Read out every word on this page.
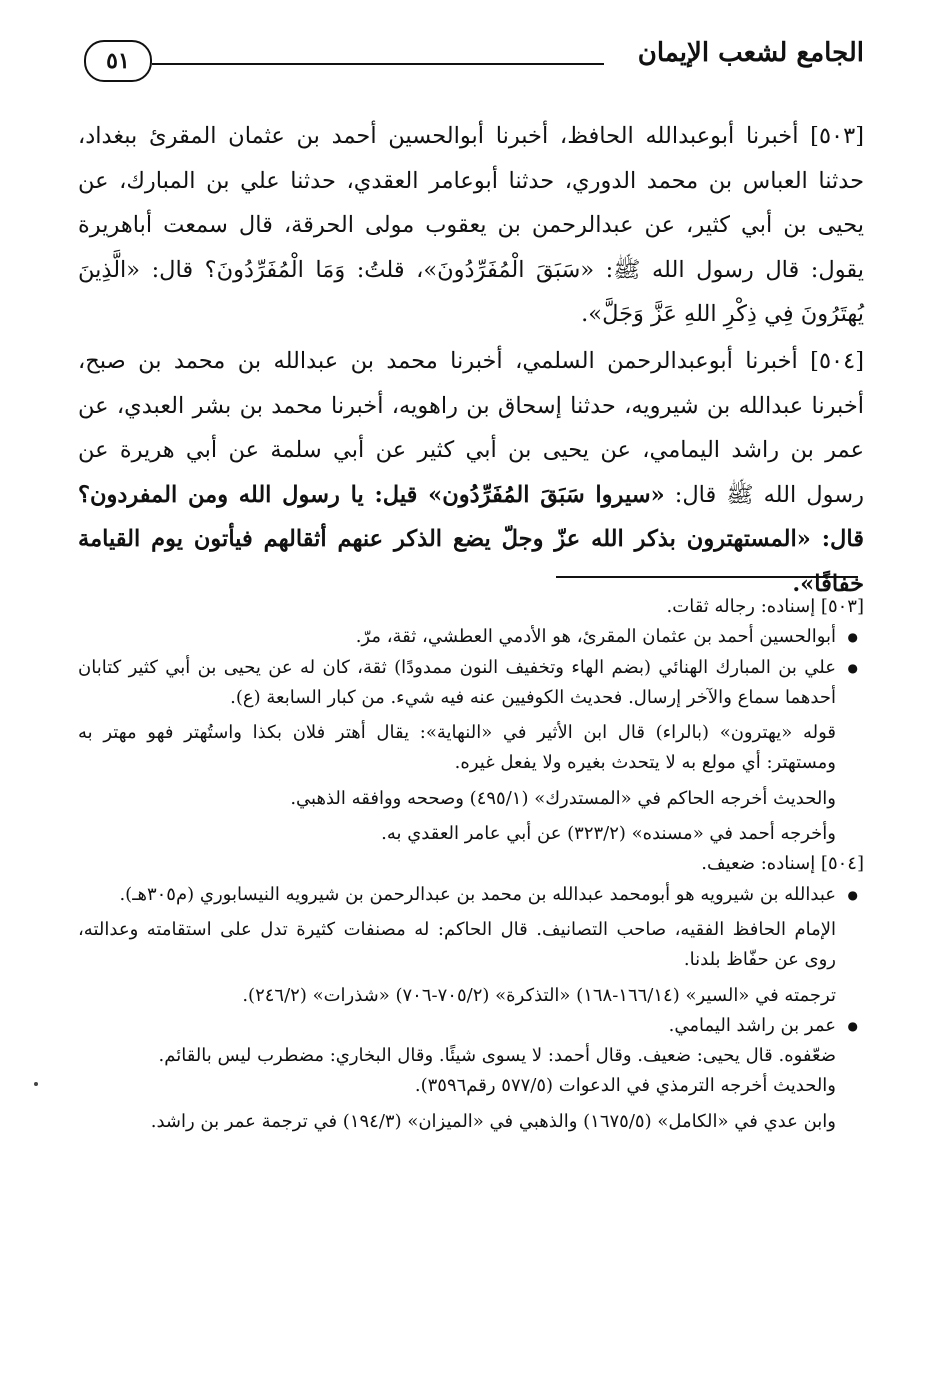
٥١	الجامع لشعب الإيمان

[٥٠٣] أخبرنا أبوعبدالله الحافظ، أخبرنا أبوالحسين أحمد بن عثمان المقرئ ببغداد، حدثنا العباس بن محمد الدوري، حدثنا أبوعامر العقدي، حدثنا علي بن المبارك، عن يحيى بن أبي كثير، عن عبدالرحمن بن يعقوب مولى الحرقة، قال سمعت أباهريرة يقول: قال رسول الله ﷺ: «سَبَقَ الْمُفَرِّدُونَ»، قلتُ: وَمَا الْمُفَرِّدُونَ؟ قال: «الَّذِينَ يُهتَرُونَ فِي ذِكْرِ اللهِ عَزَّ وَجَلَّ».

[٥٠٤] أخبرنا أبوعبدالرحمن السلمي، أخبرنا محمد بن عبدالله بن محمد بن صبح، أخبرنا عبدالله بن شيرويه، حدثنا إسحاق بن راهويه، أخبرنا محمد بن بشر العبدي، عن عمر بن راشد اليمامي، عن يحيى بن أبي كثير عن أبي سلمة عن أبي هريرة عن رسول الله ﷺ قال: «سيروا سَبَقَ المُفَرِّدُون» قيل: يا رسول الله ومن المفردون؟ قال: «المستهترون بذكر الله عزّ وجلّ يضع الذكر عنهم أثقالهم فيأتون يوم القيامة خفافًا».

[٥٠٣] إسناده: رجاله ثقات.

● أبوالحسين أحمد بن عثمان المقرئ، هو الأدمي العطشي، ثقة، مرّ.

● علي بن المبارك الهنائي (بضم الهاء وتخفيف النون ممدودًا) ثقة، كان له عن يحيى بن أبي كثير كتابان أحدهما سماع والآخر إرسال. فحديث الكوفيين عنه فيه شيء. من كبار السابعة (ع).

قوله «يهترون» (بالراء) قال ابن الأثير في «النهاية»: يقال أهتر فلان بكذا واستُهتر فهو مهتر به ومستهتر: أي مولع به لا يتحدث بغيره ولا يفعل غيره.

والحديث أخرجه الحاكم في «المستدرك» (٤٩٥/١) وصححه ووافقه الذهبي.

وأخرجه أحمد في «مسنده» (٣٢٣/٢) عن أبي عامر العقدي به.

[٥٠٤] إسناده: ضعيف.

● عبدالله بن شيرويه هو أبومحمد عبدالله بن محمد بن عبدالرحمن بن شيرويه النيسابوري (م٣٠٥هـ).

الإمام الحافظ الفقيه، صاحب التصانيف. قال الحاكم: له مصنفات كثيرة تدل على استقامته وعدالته، روى عن حفّاظ بلدنا.

ترجمته في «السير» (١٦٦/١٤-١٦٨) «التذكرة» (٧٠٥/٢-٧٠٦) «شذرات» (٢٤٦/٢).

● عمر بن راشد اليمامي.

ضعّفوه. قال يحيى: ضعيف. وقال أحمد: لا يسوى شيئًا. وقال البخاري: مضطرب ليس بالقائم.

والحديث أخرجه الترمذي في الدعوات (٥٧٧/٥ رقم٣٥٩٦).

وابن عدي في «الكامل» (١٦٧٥/٥) والذهبي في «الميزان» (١٩٤/٣) في ترجمة عمر بن راشد.
